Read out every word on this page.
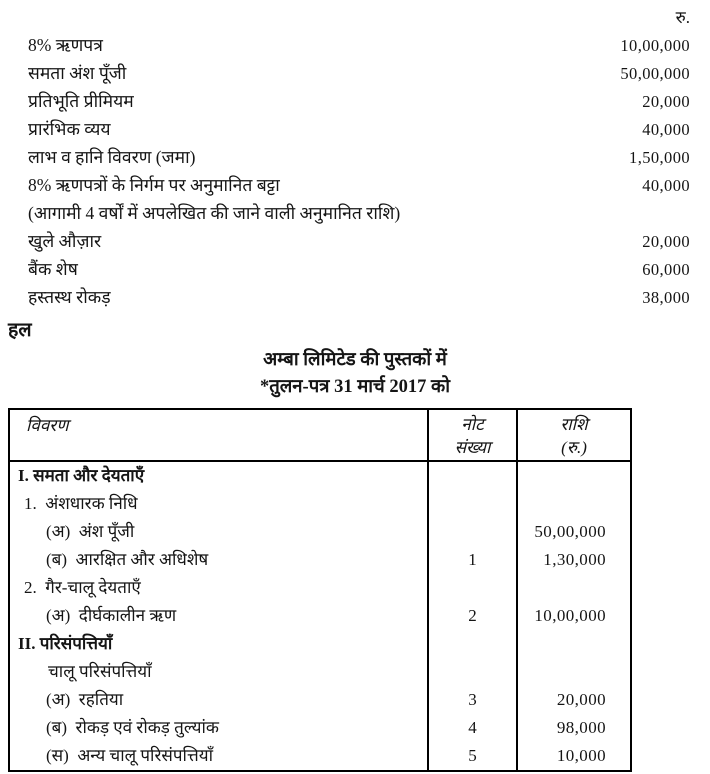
रु.
8% ऋणपत्र	10,00,000
समता अंश पूँजी	50,00,000
प्रतिभूति प्रीमियम	20,000
प्रारंभिक व्यय	40,000
लाभ व हानि विवरण (जमा)	1,50,000
8% ऋणपत्रों के निर्गम पर अनुमानित बट्टा	40,000
(आगामी 4 वर्षों में अपलेखित की जाने वाली अनुमानित राशि)
खुले औज़ार	20,000
बैंक शेष	60,000
हस्तस्थ रोकड़	38,000
हल
अम्बा लिमिटेड की पुस्तकों में
*तुलन-पत्र 31 मार्च 2017 को
विवरण	नोट
संख्या

राशि
(रु.)

I. समता और देयताएँ		

1.  अंशधारक निधि		

(अ)  अंश पूँजी		50,00,000

(ब)  आरक्षित और अधिशेष	1	1,30,000

2.  गैर-चालू देयताएँ		

(अ)  दीर्घकालीन ऋण	2	10,00,000

II. परिसंपत्तियाँ		

चालू परिसंपत्तियाँ		

(अ)  रहतिया	3	20,000

(ब)  रोकड़ एवं रोकड़ तुल्यांक	4	98,000

(स)  अन्य चालू परिसंपत्तियाँ	5	10,000
